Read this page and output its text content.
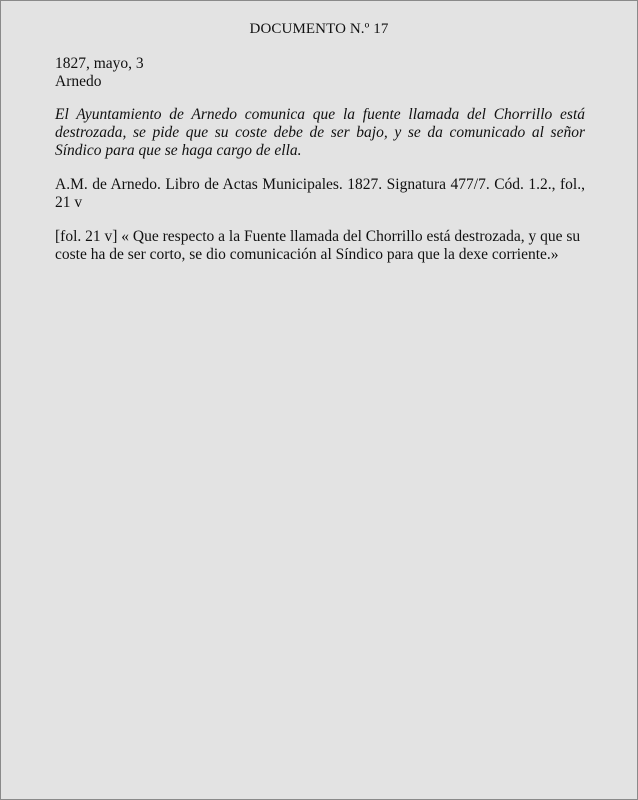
DOCUMENTO N.º 17
1827, mayo, 3
Arnedo
El Ayuntamiento de Arnedo comunica que la fuente llamada del Chorrillo está destrozada, se pide que su coste debe de ser bajo, y se da comunicado al señor Síndico para que se haga cargo de ella.
A.M. de Arnedo. Libro de Actas Municipales. 1827. Signatura 477/7. Cód. 1.2., fol., 21 v
[fol. 21 v] « Que respecto a la Fuente llamada del Chorrillo está destrozada, y que su
coste ha de ser corto, se dio comunicación al Síndico para que la dexe corriente.»
